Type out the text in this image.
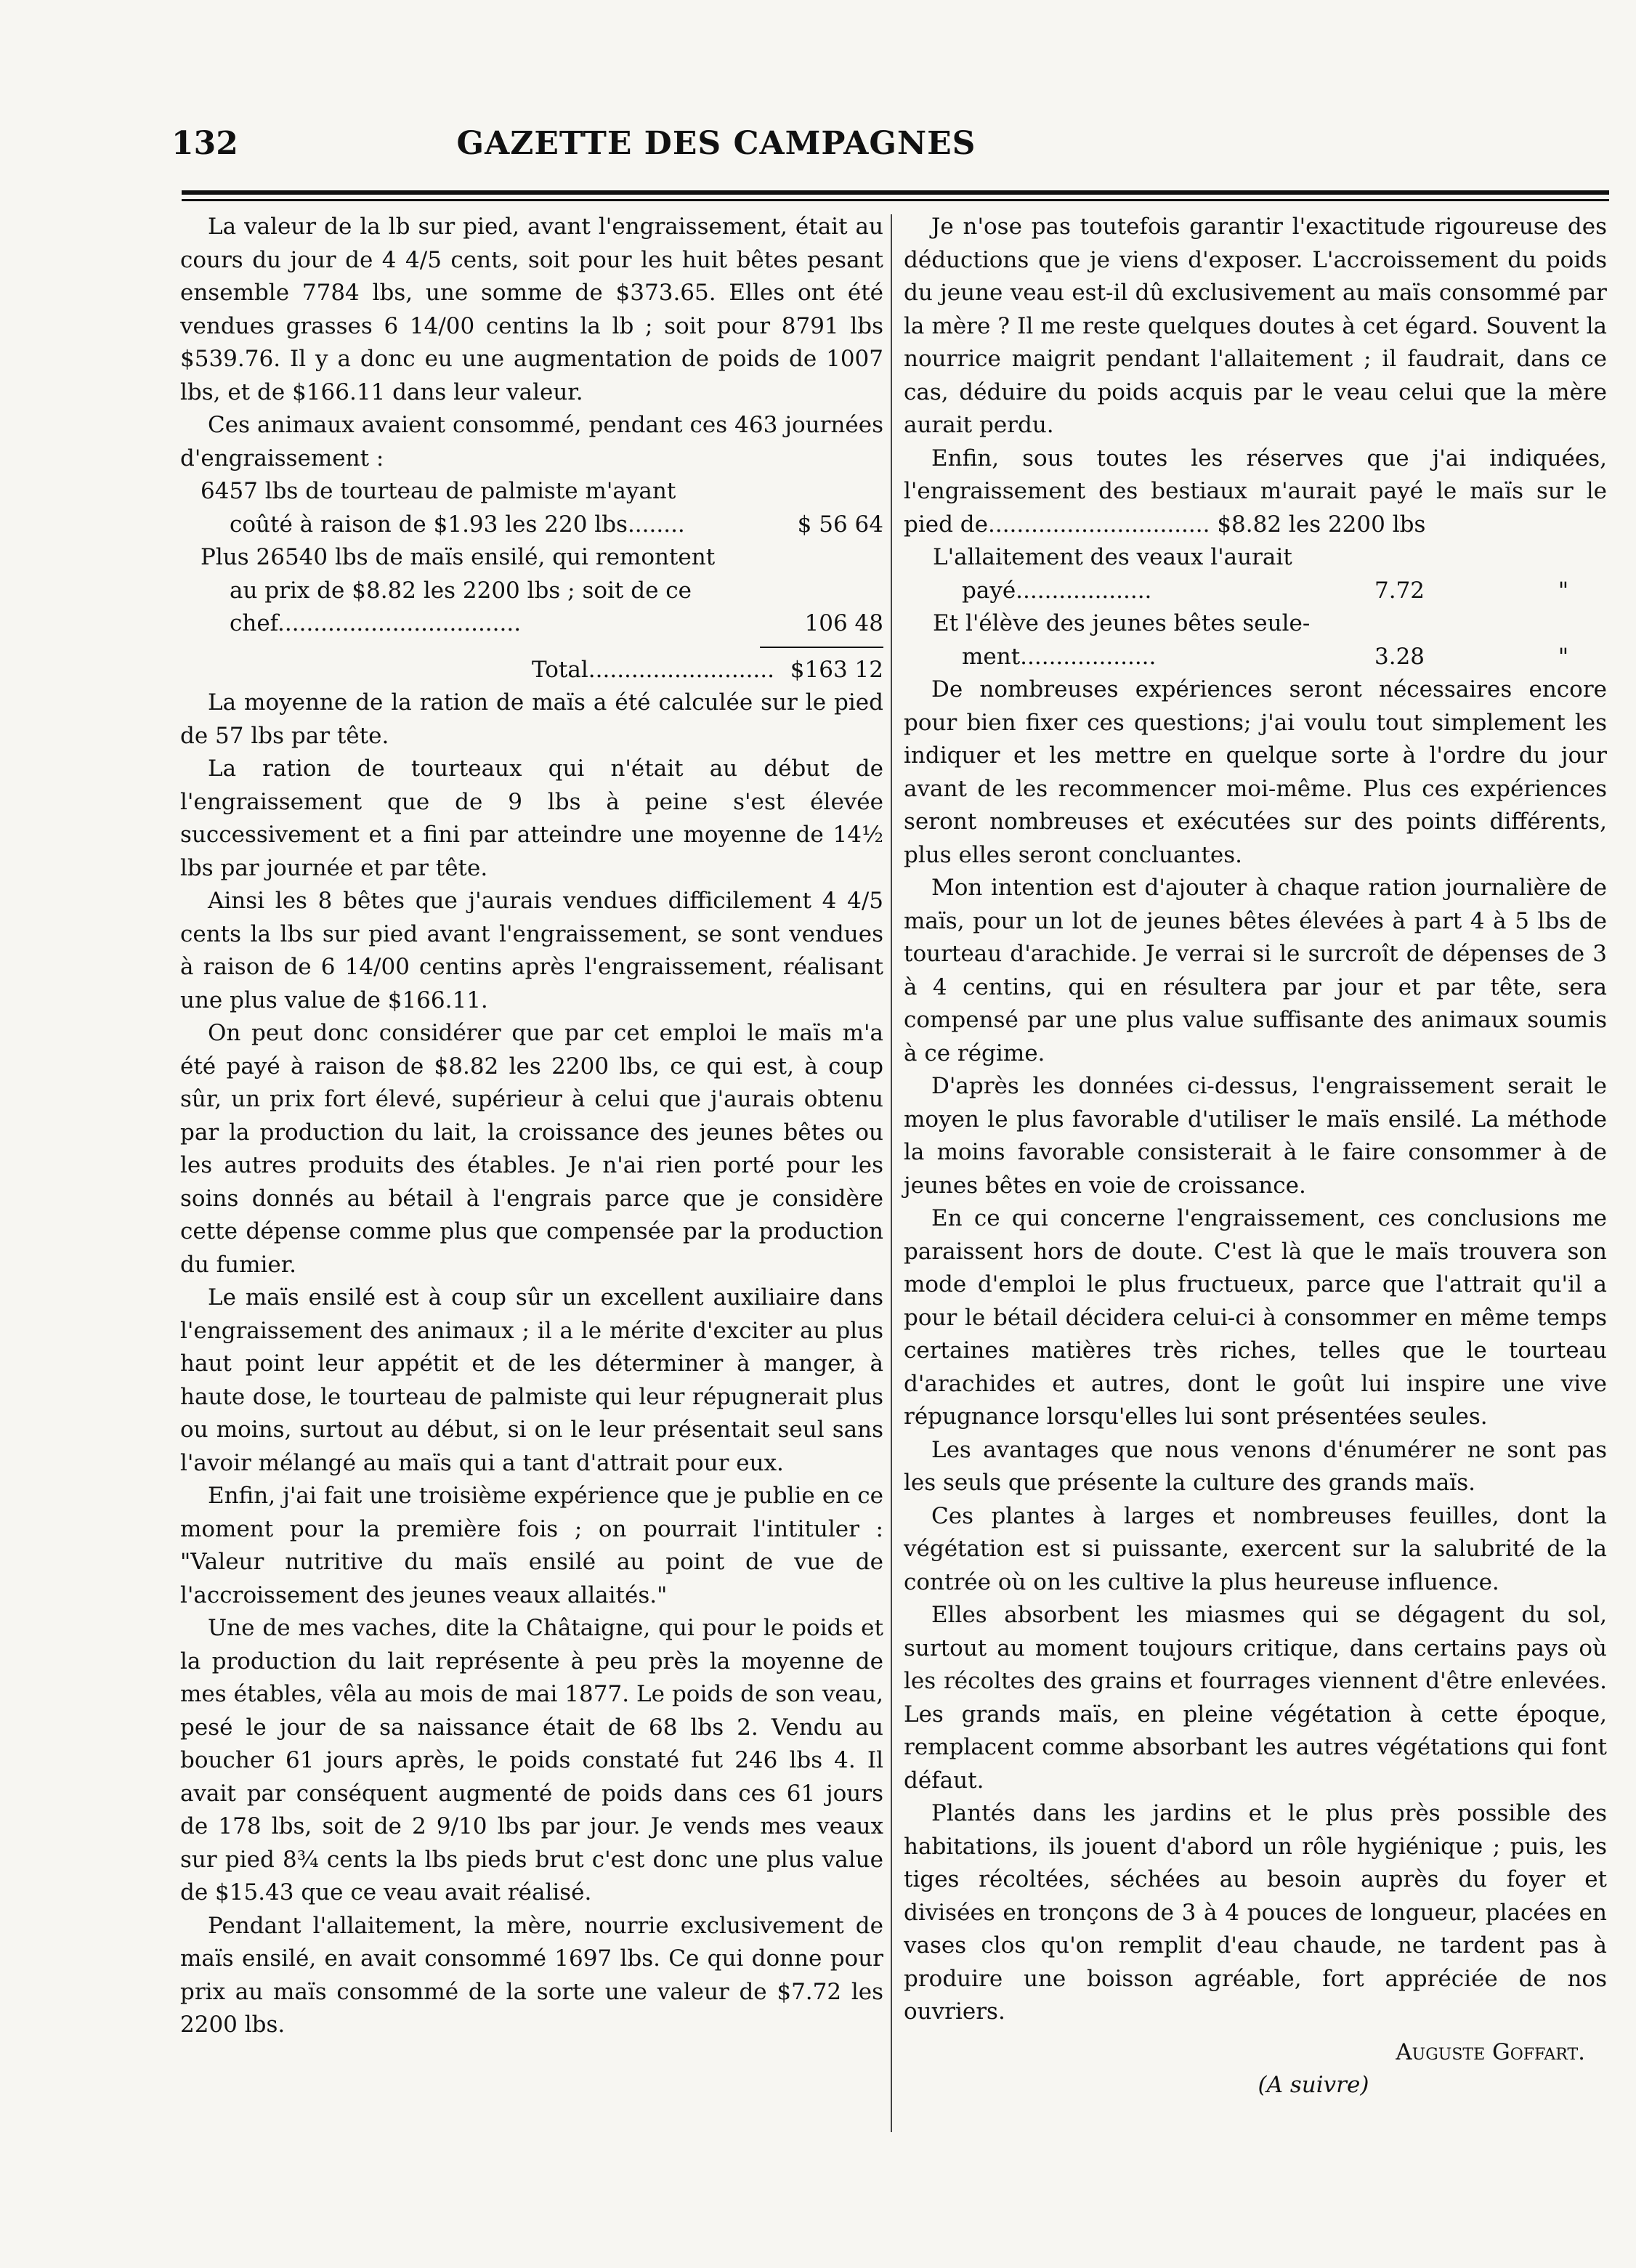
132	GAZETTE DES CAMPAGNES

La valeur de la lb sur pied, avant l'engraissement, était au cours du jour de 4 4/5 cents, soit pour les huit bêtes pesant ensemble 7784 lbs, une somme de $373.65. Elles ont été vendues grasses 6 14/00 centins la lb ; soit pour 8791 lbs $539.76. Il y a donc eu une augmentation de poids de 1007 lbs, et de $166.11 dans leur valeur.

Ces animaux avaient consommé, pendant ces 463 journées d'engraissement :

6457 lbs de tourteau de palmiste m'ayant
coûté à raison de $1.93 les 220 lbs........	$ 56 64
Plus 26540 lbs de maïs ensilé, qui remontent
au prix de $8.82 les 2200 lbs ; soit de ce
chef..................................	106 48
Total.......................... $163 12

La moyenne de la ration de maïs a été calculée sur le pied de 57 lbs par tête.

La ration de tourteaux qui n'était au début de l'engraissement que de 9 lbs à peine s'est élevée successivement et a fini par atteindre une moyenne de 14½ lbs par journée et par tête.

Ainsi les 8 bêtes que j'aurais vendues difficilement 4 4/5 cents la lbs sur pied avant l'engraissement, se sont vendues à raison de 6 14/00 centins après l'engraissement, réalisant une plus value de $166.11.

On peut donc considérer que par cet emploi le maïs m'a été payé à raison de $8.82 les 2200 lbs, ce qui est, à coup sûr, un prix fort élevé, supérieur à celui que j'aurais obtenu par la production du lait, la croissance des jeunes bêtes ou les autres produits des étables. Je n'ai rien porté pour les soins donnés au bétail à l'engrais parce que je considère cette dépense comme plus que compensée par la production du fumier.

Le maïs ensilé est à coup sûr un excellent auxiliaire dans l'engraissement des animaux ; il a le mérite d'exciter au plus haut point leur appétit et de les déterminer à manger, à haute dose, le tourteau de palmiste qui leur répugnerait plus ou moins, surtout au début, si on le leur présentait seul sans l'avoir mélangé au maïs qui a tant d'attrait pour eux.

Enfin, j'ai fait une troisième expérience que je publie en ce moment pour la première fois ; on pourrait l'intituler : "Valeur nutritive du maïs ensilé au point de vue de l'accroissement des jeunes veaux allaités."

Une de mes vaches, dite la Châtaigne, qui pour le poids et la production du lait représente à peu près la moyenne de mes étables, vêla au mois de mai 1877. Le poids de son veau, pesé le jour de sa naissance était de 68 lbs 2. Vendu au boucher 61 jours après, le poids constaté fut 246 lbs 4. Il avait par conséquent augmenté de poids dans ces 61 jours de 178 lbs, soit de 2 9/10 lbs par jour. Je vends mes veaux sur pied 8¾ cents la lbs pieds brut c'est donc une plus value de $15.43 que ce veau avait réalisé.

Pendant l'allaitement, la mère, nourrie exclusivement de maïs ensilé, en avait consommé 1697 lbs. Ce qui donne pour prix au maïs consommé de la sorte une valeur de $7.72 les 2200 lbs.

Je n'ose pas toutefois garantir l'exactitude rigoureuse des déductions que je viens d'exposer. L'accroissement du poids du jeune veau est-il dû exclusivement au maïs consommé par la mère ? Il me reste quelques doutes à cet égard. Souvent la nourrice maigrit pendant l'allaitement ; il faudrait, dans ce cas, déduire du poids acquis par le veau celui que la mère aurait perdu.

Enfin, sous toutes les réserves que j'ai indiquées, l'engraissement des bestiaux m'aurait payé le maïs sur le pied de............................... $8.82 les 2200 lbs

L'allaitement des veaux l'aurait
payé...................	7.72	"
Et l'élève des jeunes bêtes seule-
ment...................	3.28	"

De nombreuses expériences seront nécessaires encore pour bien fixer ces questions; j'ai voulu tout simplement les indiquer et les mettre en quelque sorte à l'ordre du jour avant de les recommencer moi-même. Plus ces expériences seront nombreuses et exécutées sur des points différents, plus elles seront concluantes.

Mon intention est d'ajouter à chaque ration journalière de maïs, pour un lot de jeunes bêtes élevées à part 4 à 5 lbs de tourteau d'arachide. Je verrai si le surcroît de dépenses de 3 à 4 centins, qui en résultera par jour et par tête, sera compensé par une plus value suffisante des animaux soumis à ce régime.

D'après les données ci-dessus, l'engraissement serait le moyen le plus favorable d'utiliser le maïs ensilé. La méthode la moins favorable consisterait à le faire consommer à de jeunes bêtes en voie de croissance.

En ce qui concerne l'engraissement, ces conclusions me paraissent hors de doute. C'est là que le maïs trouvera son mode d'emploi le plus fructueux, parce que l'attrait qu'il a pour le bétail décidera celui-ci à consommer en même temps certaines matières très riches, telles que le tourteau d'arachides et autres, dont le goût lui inspire une vive répugnance lorsqu'elles lui sont présentées seules.

Les avantages que nous venons d'énumérer ne sont pas les seuls que présente la culture des grands maïs.

Ces plantes à larges et nombreuses feuilles, dont la végétation est si puissante, exercent sur la salubrité de la contrée où on les cultive la plus heureuse influence.

Elles absorbent les miasmes qui se dégagent du sol, surtout au moment toujours critique, dans certains pays où les récoltes des grains et fourrages viennent d'être enlevées. Les grands maïs, en pleine végétation à cette époque, remplacent comme absorbant les autres végétations qui font défaut.

Plantés dans les jardins et le plus près possible des habitations, ils jouent d'abord un rôle hygiénique ; puis, les tiges récoltées, séchées au besoin auprès du foyer et divisées en tronçons de 3 à 4 pouces de longueur, placées en vases clos qu'on remplit d'eau chaude, ne tardent pas à produire une boisson agréable, fort appréciée de nos ouvriers.

Auguste Goffart.
(A suivre)
